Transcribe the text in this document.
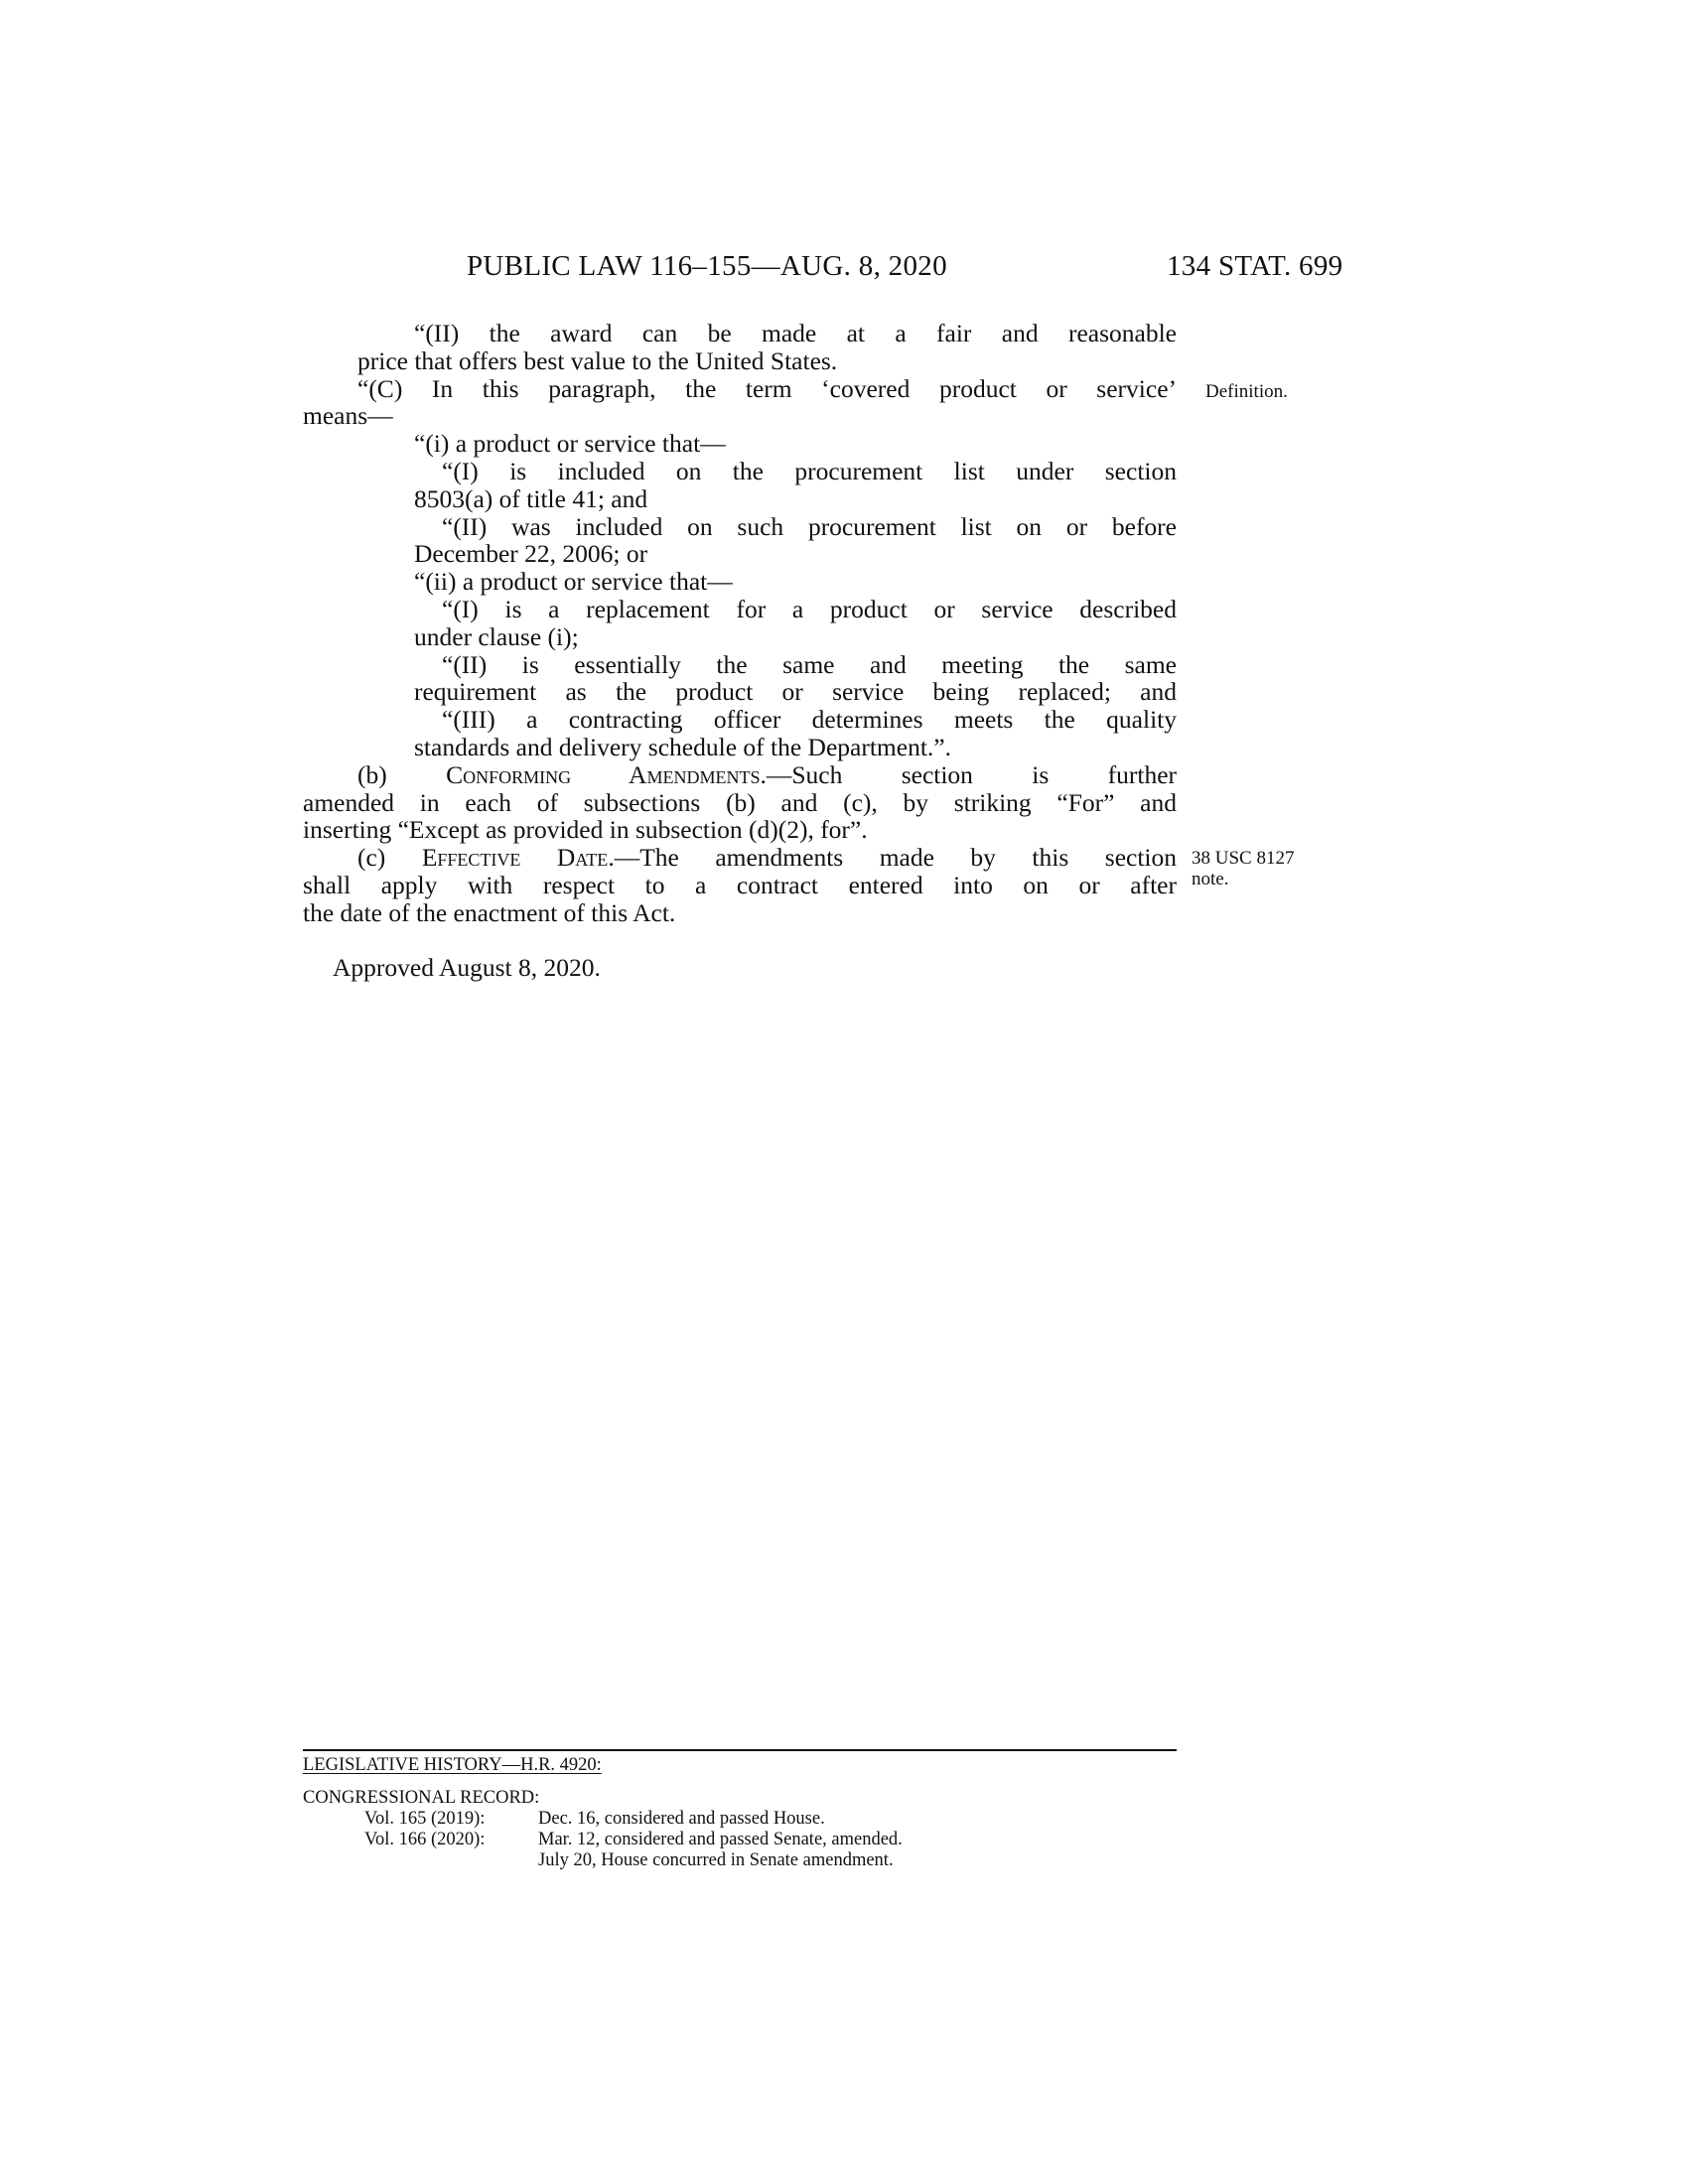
PUBLIC LAW 116–155—AUG. 8, 2020	134 STAT. 699
“(II) the award can be made at a fair and reasonable
price that offers best value to the United States.
“(C) In this paragraph, the term ‘covered product or service’
means—
“(i) a product or service that—
“(I) is included on the procurement list under section
8503(a) of title 41; and
“(II) was included on such procurement list on or before
December 22, 2006; or
“(ii) a product or service that—
“(I) is a replacement for a product or service described
under clause (i);
“(II) is essentially the same and meeting the same
requirement as the product or service being replaced; and
“(III) a contracting officer determines meets the quality
standards and delivery schedule of the Department.”.
(b) Conforming Amendments.—Such section is further
amended in each of subsections (b) and (c), by striking “For” and
inserting “Except as provided in subsection (d)(2), for”.
(c) Effective Date.—The amendments made by this section
shall apply with respect to a contract entered into on or after
the date of the enactment of this Act.
Approved August 8, 2020.
Definition.
38 USC 8127
note.
LEGISLATIVE HISTORY—H.R. 4920:
CONGRESSIONAL RECORD:
Vol. 165 (2019):	Dec. 16, considered and passed House.
Vol. 166 (2020):	Mar. 12, considered and passed Senate, amended.
July 20, House concurred in Senate amendment.
